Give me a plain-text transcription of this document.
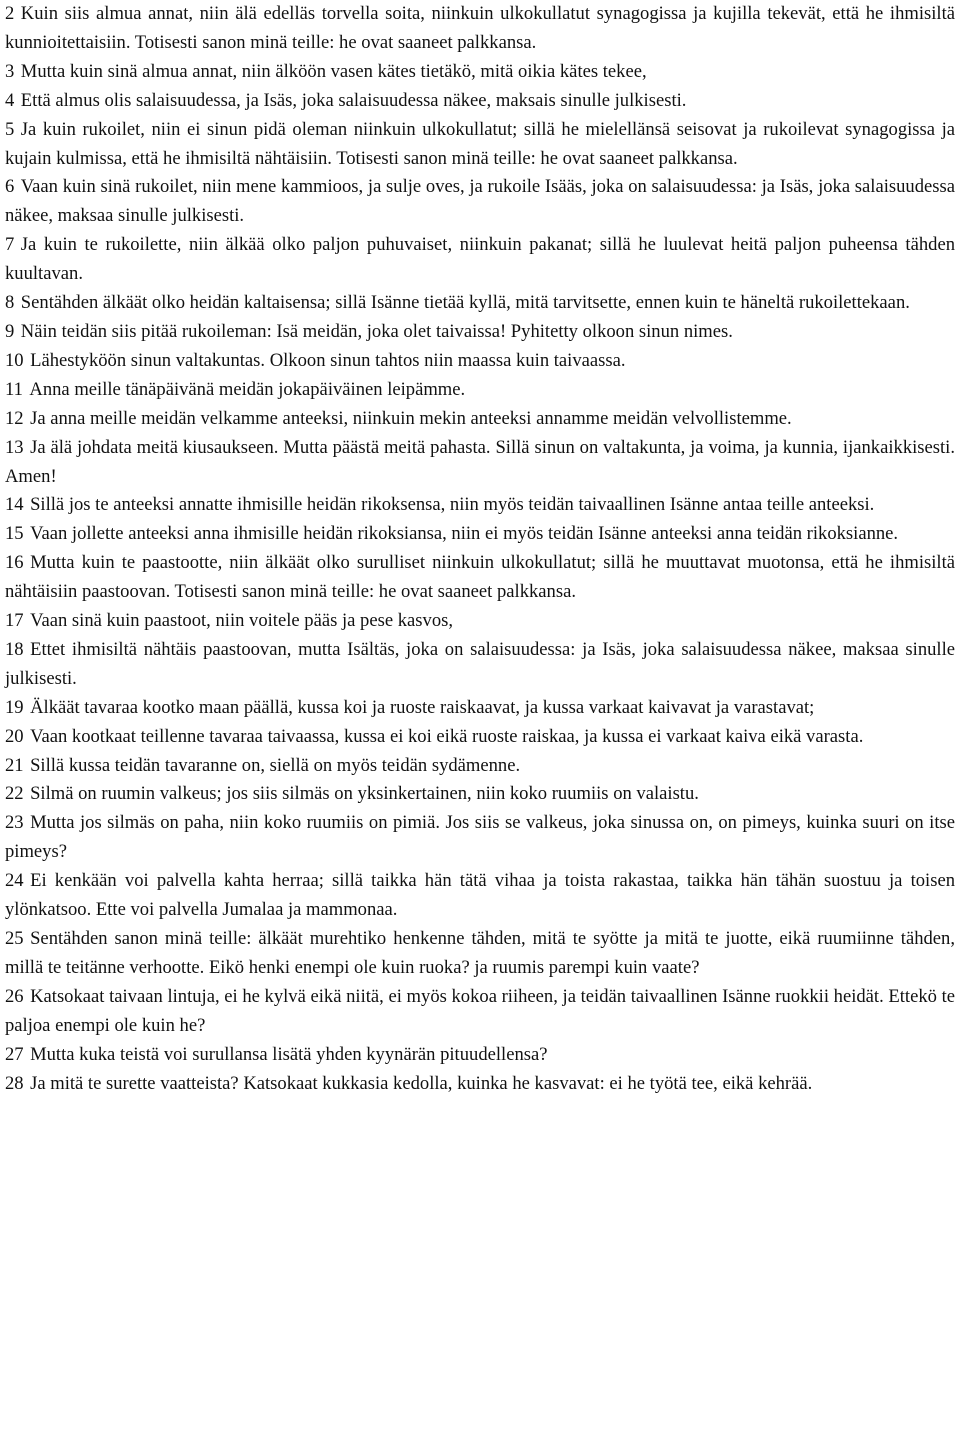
2 Kuin siis almua annat, niin älä edelläs torvella soita, niinkuin ulkokullatut synagogissa ja kujilla tekevät, että he ihmisiltä kunnioitettaisiin. Totisesti sanon minä teille: he ovat saaneet palkkansa.

3 Mutta kuin sinä almua annat, niin älköön vasen kätes tietäkö, mitä oikia kätes tekee,

4 Että almus olis salaisuudessa, ja Isäs, joka salaisuudessa näkee, maksais sinulle julkisesti.

5 Ja kuin rukoilet, niin ei sinun pidä oleman niinkuin ulkokullatut; sillä he mielellänsä seisovat ja rukoilevat synagogissa ja kujain kulmissa, että he ihmisiltä nähtäisiin. Totisesti sanon minä teille: he ovat saaneet palkkansa.

6 Vaan kuin sinä rukoilet, niin mene kammioos, ja sulje oves, ja rukoile Isääs, joka on salaisuudessa: ja Isäs, joka salaisuudessa näkee, maksaa sinulle julkisesti.

7 Ja kuin te rukoilette, niin älkää olko paljon puhuvaiset, niinkuin pakanat; sillä he luulevat heitä paljon puheensa tähden kuultavan.

8 Sentähden älkäät olko heidän kaltaisensa; sillä Isänne tietää kyllä, mitä tarvitsette, ennen kuin te häneltä rukoilettekaan.

9 Näin teidän siis pitää rukoileman: Isä meidän, joka olet taivaissa! Pyhitetty olkoon sinun nimes.

10 Lähestyköön sinun valtakuntas. Olkoon sinun tahtos niin maassa kuin taivaassa.

11 Anna meille tänäpäivänä meidän jokapäiväinen leipämme.

12 Ja anna meille meidän velkamme anteeksi, niinkuin mekin anteeksi annamme meidän velvollistemme.

13 Ja älä johdata meitä kiusaukseen. Mutta päästä meitä pahasta. Sillä sinun on valtakunta, ja voima, ja kunnia, ijankaikkisesti. Amen!

14 Sillä jos te anteeksi annatte ihmisille heidän rikoksensa, niin myös teidän taivaallinen Isänne antaa teille anteeksi.

15 Vaan jollette anteeksi anna ihmisille heidän rikoksiansa, niin ei myös teidän Isänne anteeksi anna teidän rikoksianne.

16 Mutta kuin te paastootte, niin älkäät olko surulliset niinkuin ulkokullatut; sillä he muuttavat muotonsa, että he ihmisiltä nähtäisiin paastoovan. Totisesti sanon minä teille: he ovat saaneet palkkansa.

17 Vaan sinä kuin paastoot, niin voitele pääs ja pese kasvos,

18 Ettet ihmisiltä nähtäis paastoovan, mutta Isältäs, joka on salaisuudessa: ja Isäs, joka salaisuudessa näkee, maksaa sinulle julkisesti.

19 Älkäät tavaraa kootko maan päällä, kussa koi ja ruoste raiskaavat, ja kussa varkaat kaivavat ja varastavat;

20 Vaan kootkaat teillenne tavaraa taivaassa, kussa ei koi eikä ruoste raiskaa, ja kussa ei varkaat kaiva eikä varasta.

21 Sillä kussa teidän tavaranne on, siellä on myös teidän sydämenne.

22 Silmä on ruumin valkeus; jos siis silmäs on yksinkertainen, niin koko ruumiis on valaistu.

23 Mutta jos silmäs on paha, niin koko ruumiis on pimiä. Jos siis se valkeus, joka sinussa on, on pimeys, kuinka suuri on itse pimeys?

24 Ei kenkään voi palvella kahta herraa; sillä taikka hän tätä vihaa ja toista rakastaa, taikka hän tähän suostuu ja toisen ylönkatsoo. Ette voi palvella Jumalaa ja mammonaa.

25 Sentähden sanon minä teille: älkäät murehtiko henkenne tähden, mitä te syötte ja mitä te juotte, eikä ruumiinne tähden, millä te teitänne verhootte. Eikö henki enempi ole kuin ruoka? ja ruumis parempi kuin vaate?

26 Katsokaat taivaan lintuja, ei he kylvä eikä niitä, ei myös kokoa riiheen, ja teidän taivaallinen Isänne ruokkii heidät. Ettekö te paljoa enempi ole kuin he?

27 Mutta kuka teistä voi surullansa lisätä yhden kyynärän pituudellensa?

28 Ja mitä te surette vaatteista? Katsokaat kukkasia kedolla, kuinka he kasvavat: ei he työtä tee, eikä kehrää.
